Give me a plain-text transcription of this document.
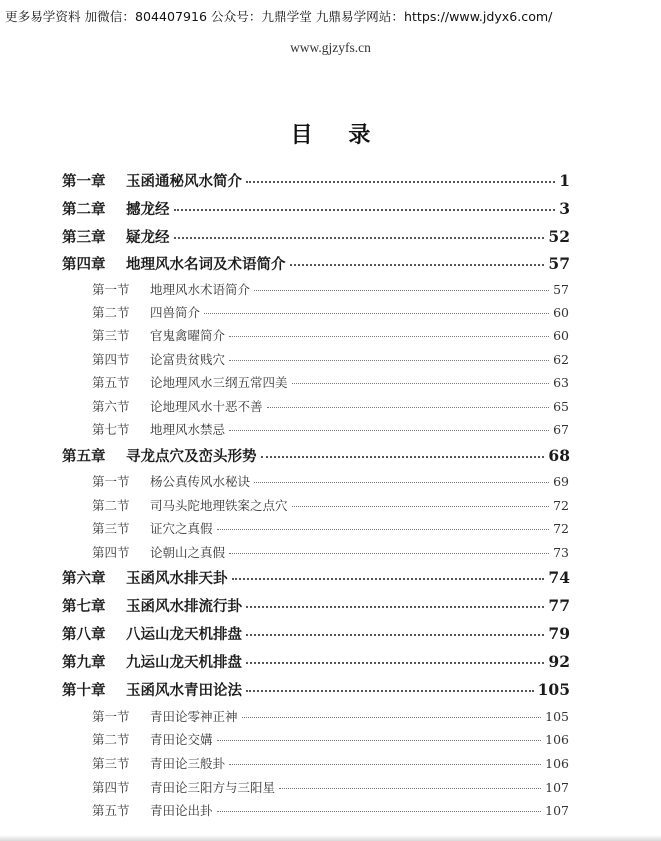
更多易学资料 加微信：804407916 公众号：九鼎学堂 九鼎易学网站：https://www.jdyx6.com/
www.gjzyfs.cn
目 录
第一章	玉函通秘风水简介	1
第二章	撼龙经	3
第三章	疑龙经	52
第四章	地理风水名词及术语简介	57
第一节	地理风水术语简介	57
第二节	四兽简介	60
第三节	官鬼禽曜简介	60
第四节	论富贵贫贱穴	62
第五节	论地理风水三纲五常四美	63
第六节	论地理风水十恶不善	65
第七节	地理风水禁忌	67
第五章	寻龙点穴及峦头形势	68
第一节	杨公真传风水秘诀	69
第二节	司马头陀地理铁案之点穴	72
第三节	证穴之真假	72
第四节	论朝山之真假	73
第六章	玉函风水排天卦	74
第七章	玉函风水排流行卦	77
第八章	八运山龙天机排盘	79
第九章	九运山龙天机排盘	92
第十章	玉函风水青田论法	105
第一节	青田论零神正神	105
第二节	青田论交媾	106
第三节	青田论三般卦	106
第四节	青田论三阳方与三阳星	107
第五节	青田论出卦	107
